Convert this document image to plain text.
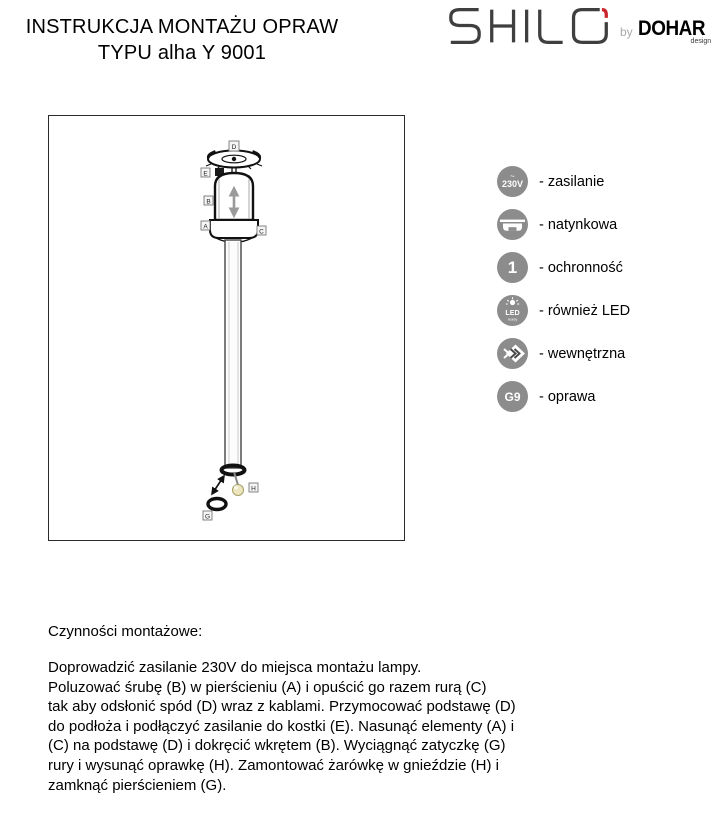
INSTRUKCJA MONTAŻU OPRAW
TYPU alha Y 9001
by DOHAR
design
D
E
B
A
C
H
G
~
230V - zasilanie
- natynkowa
1 - ochronność
LED
ready
- również LED
- wewnętrzna
G9 - oprawa
Czynności montażowe:
Doprowadzić zasilanie 230V do miejsca montażu lampy.
Poluzować śrubę (B) w pierścieniu (A) i opuścić go razem rurą (C)
tak aby odsłonić spód (D) wraz z kablami. Przymocować podstawę (D)
do podłoża i podłączyć zasilanie do kostki (E). Nasunąć elementy (A) i
(C) na podstawę (D) i dokręcić wkrętem (B). Wyciągnąć zatyczkę (G)
rury i wysunąć oprawkę (H). Zamontować żarówkę w gnieździe (H) i
zamknąć pierścieniem (G).
